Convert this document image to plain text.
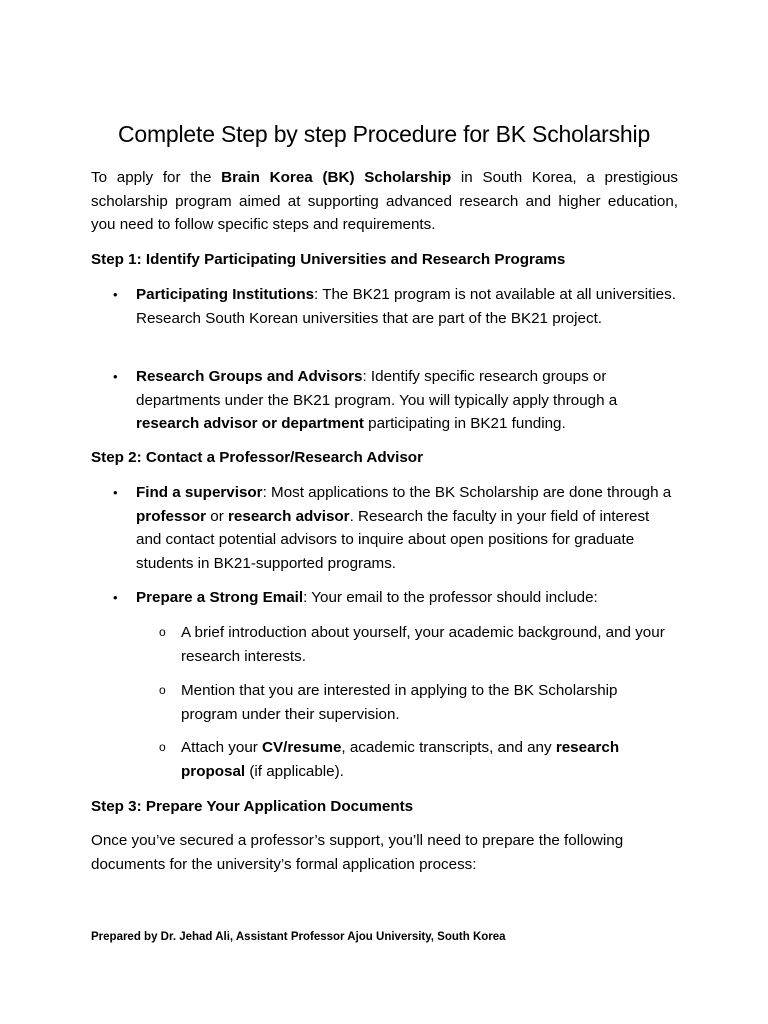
Complete Step by step Procedure for BK Scholarship

To apply for the Brain Korea (BK) Scholarship in South Korea, a prestigious scholarship program aimed at supporting advanced research and higher education, you need to follow specific steps and requirements.

Step 1: Identify Participating Universities and Research Programs

• Participating Institutions: The BK21 program is not available at all universities. Research South Korean universities that are part of the BK21 project.

• Research Groups and Advisors: Identify specific research groups or departments under the BK21 program. You will typically apply through a research advisor or department participating in BK21 funding.

Step 2: Contact a Professor/Research Advisor

• Find a supervisor: Most applications to the BK Scholarship are done through a professor or research advisor. Research the faculty in your field of interest and contact potential advisors to inquire about open positions for graduate students in BK21-supported programs.

• Prepare a Strong Email: Your email to the professor should include:

o A brief introduction about yourself, your academic background, and your research interests.

o Mention that you are interested in applying to the BK Scholarship program under their supervision.

o Attach your CV/resume, academic transcripts, and any research proposal (if applicable).

Step 3: Prepare Your Application Documents

Once you’ve secured a professor’s support, you’ll need to prepare the following documents for the university’s formal application process:

Prepared by Dr. Jehad Ali, Assistant Professor Ajou University, South Korea
